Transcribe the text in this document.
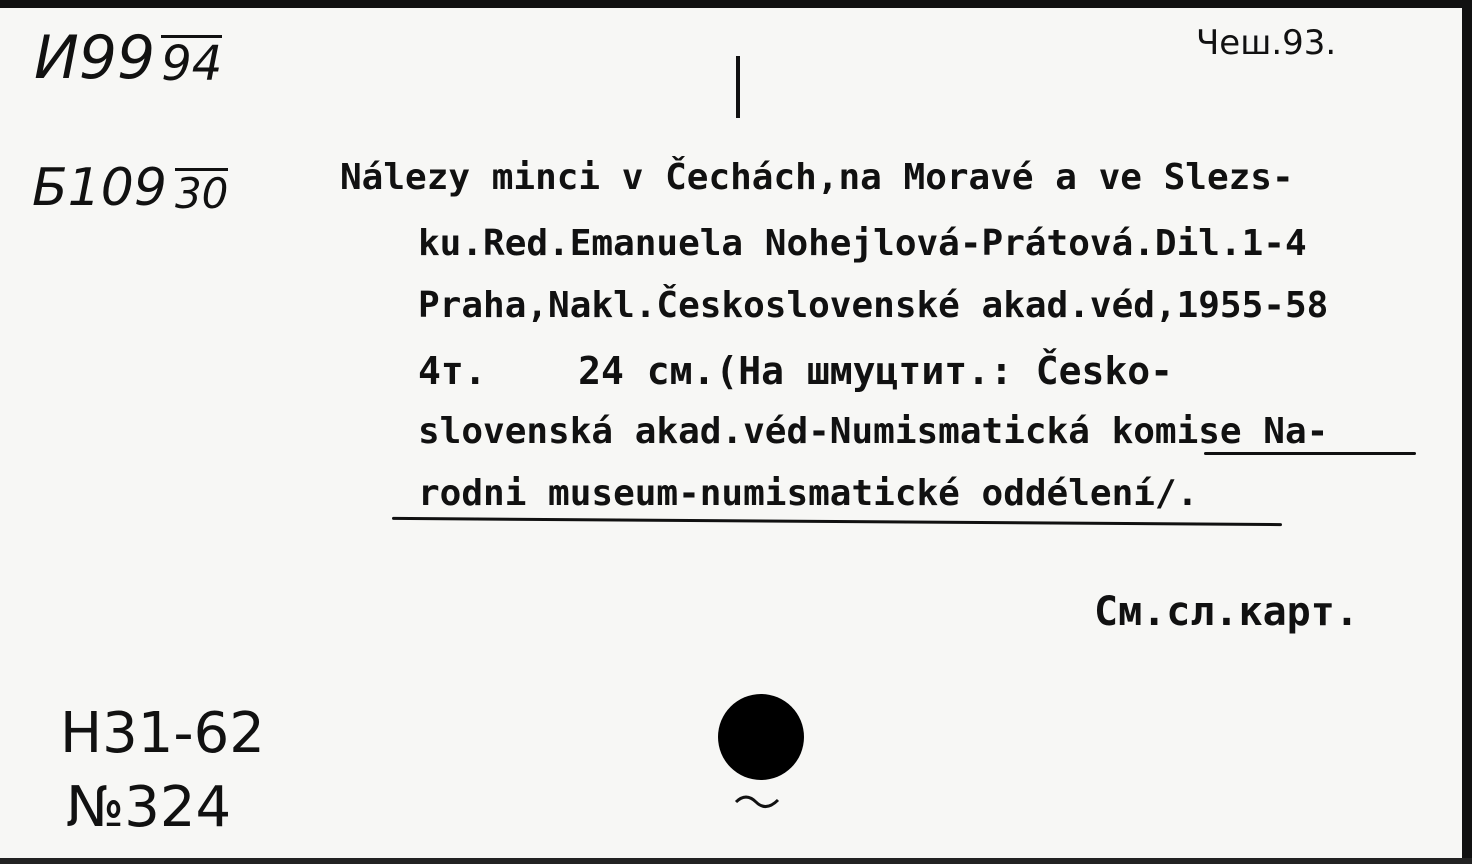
И99 94
Б109 30
Чеш.93.
Nálezy minci v Čechách,na Moravé a ve Slezs-
ku.Red.Emanuela Nohejlová-Prátová.Dil.1-4
Praha,Nakl.Československé akad.véd,1955-58
4т.    24 см.(На шмуцтит.: Česko-
slovenská akad.véd-Numismatická komise Na-
rodni museum-numismatické oddélení/.
См.сл.карт.
Н31-62
№324
